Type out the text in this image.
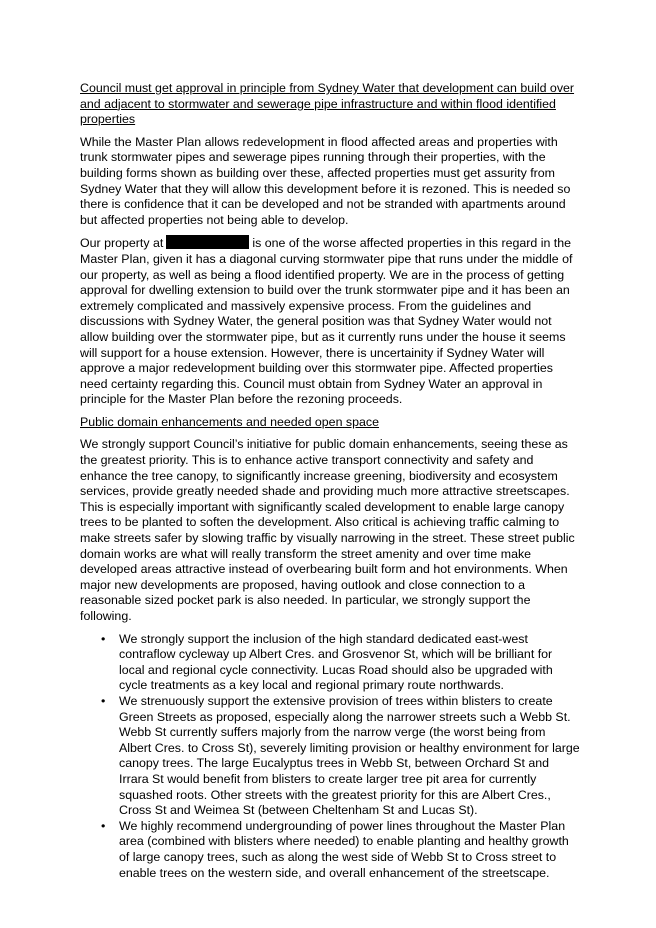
Council must get approval in principle from Sydney Water that development can build over and adjacent to stormwater and sewerage pipe infrastructure and within flood identified properties

While the Master Plan allows redevelopment in flood affected areas and properties with trunk stormwater pipes and sewerage pipes running through their properties, with the building forms shown as building over these, affected properties must get assurity from Sydney Water that they will allow this development before it is rezoned. This is needed so there is confidence that it can be developed and not be stranded with apartments around but affected properties not being able to develop.

Our property at	is one of the worse affected properties in this regard in the Master Plan, given it has a diagonal curving stormwater pipe that runs under the middle of our property, as well as being a flood identified property. We are in the process of getting approval for dwelling extension to build over the trunk stormwater pipe and it has been an extremely complicated and massively expensive process. From the guidelines and discussions with Sydney Water, the general position was that Sydney Water would not allow building over the stormwater pipe, but as it currently runs under the house it seems will support for a house extension. However, there is uncertainity if Sydney Water will approve a major redevelopment building over this stormwater pipe. Affected properties need certainty regarding this. Council must obtain from Sydney Water an approval in principle for the Master Plan before the rezoning proceeds.

Public domain enhancements and needed open space

We strongly support Council’s initiative for public domain enhancements, seeing these as the greatest priority. This is to enhance active transport connectivity and safety and enhance the tree canopy, to significantly increase greening, biodiversity and ecosystem services, provide greatly needed shade and providing much more attractive streetscapes. This is especially important with significantly scaled development to enable large canopy trees to be planted to soften the development. Also critical is achieving traffic calming to make streets safer by slowing traffic by visually narrowing in the street. These street public domain works are what will really transform the street amenity and over time make developed areas attractive instead of overbearing built form and hot environments. When major new developments are proposed, having outlook and close connection to a reasonable sized pocket park is also needed. In particular, we strongly support the following.

• We strongly support the inclusion of the high standard dedicated east-west contraflow cycleway up Albert Cres. and Grosvenor St, which will be brilliant for local and regional cycle connectivity. Lucas Road should also be upgraded with cycle treatments as a key local and regional primary route northwards.
• We strenuously support the extensive provision of trees within blisters to create Green Streets as proposed, especially along the narrower streets such a Webb St. Webb St currently suffers majorly from the narrow verge (the worst being from Albert Cres. to Cross St), severely limiting provision or healthy environment for large canopy trees. The large Eucalyptus trees in Webb St, between Orchard St and Irrara St would benefit from blisters to create larger tree pit area for currently squashed roots. Other streets with the greatest priority for this are Albert Cres., Cross St and Weimea St (between Cheltenham St and Lucas St).
• We highly recommend undergrounding of power lines throughout the Master Plan area (combined with blisters where needed) to enable planting and healthy growth of large canopy trees, such as along the west side of Webb St to Cross street to enable trees on the western side, and overall enhancement of the streetscape.
